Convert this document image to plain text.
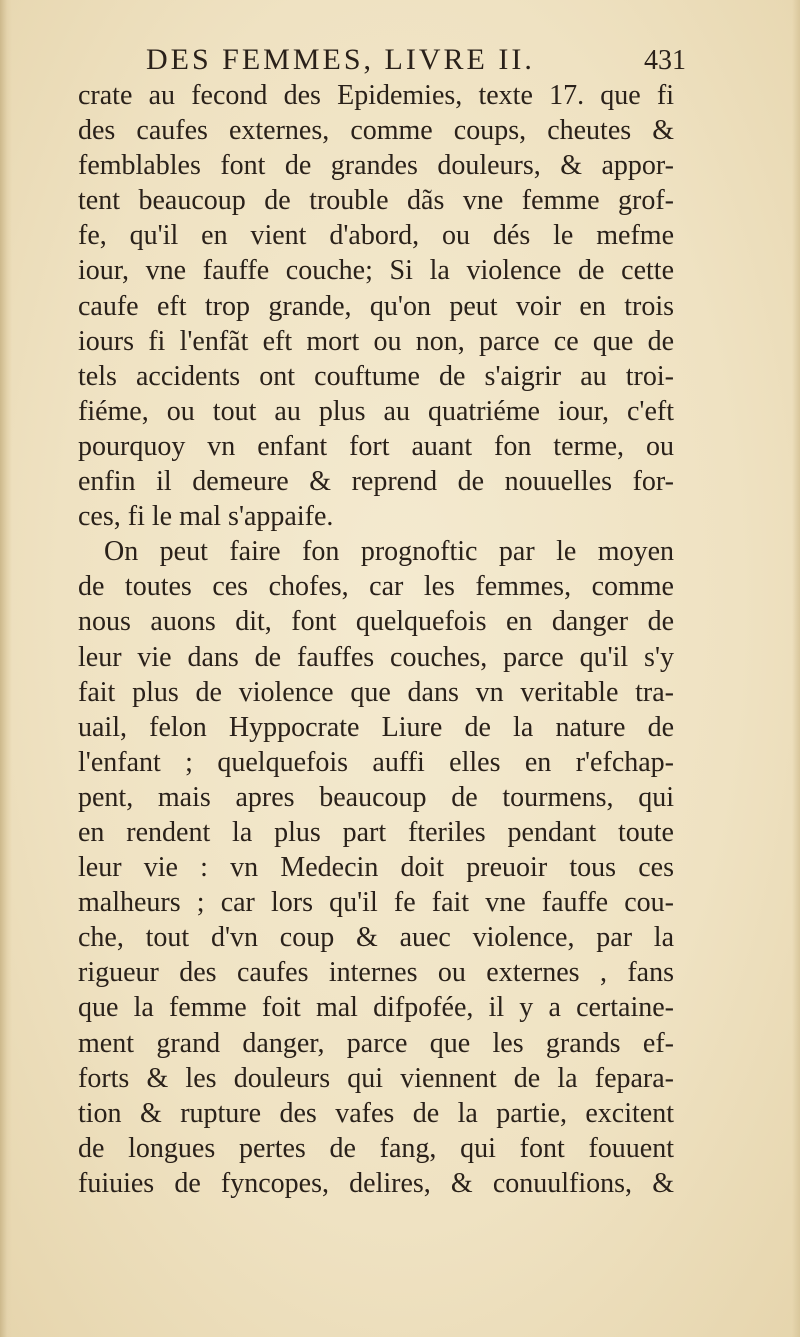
DES FEMMES, LIVRE II.	431
crate au fecond des Epidemies, texte 17. que fi
des caufes externes, comme coups, cheutes &
femblables font de grandes douleurs, & appor-
tent beaucoup de trouble dãs vne femme grof-
fe, qu'il en vient d'abord, ou dés le mefme
iour, vne fauffe couche; Si la violence de cette
caufe eft trop grande, qu'on peut voir en trois
iours fi l'enfãt eft mort ou non, parce ce que de
tels accidents ont couftume de s'aigrir au troi-
fiéme, ou tout au plus au quatriéme iour, c'eft
pourquoy vn enfant fort auant fon terme, ou
enfin il demeure & reprend de nouuelles for-
ces, fi le mal s'appaife.
On peut faire fon prognoftic par le moyen
de toutes ces chofes, car les femmes, comme
nous auons dit, font quelquefois en danger de
leur vie dans de fauffes couches, parce qu'il s'y
fait plus de violence que dans vn veritable tra-
uail, felon Hyppocrate Liure de la nature de
l'enfant ; quelquefois auffi elles en r'efchap-
pent, mais apres beaucoup de tourmens, qui
en rendent la plus part fteriles pendant toute
leur vie : vn Medecin doit preuoir tous ces
malheurs ; car lors qu'il fe fait vne fauffe cou-
che, tout d'vn coup & auec violence, par la
rigueur des caufes internes ou externes , fans
que la femme foit mal difpofée, il y a certaine-
ment grand danger, parce que les grands ef-
forts & les douleurs qui viennent de la fepara-
tion & rupture des vafes de la partie, excitent
de longues pertes de fang, qui font fouuent
fuiuies de fyncopes, delires, & conuulfions, &
